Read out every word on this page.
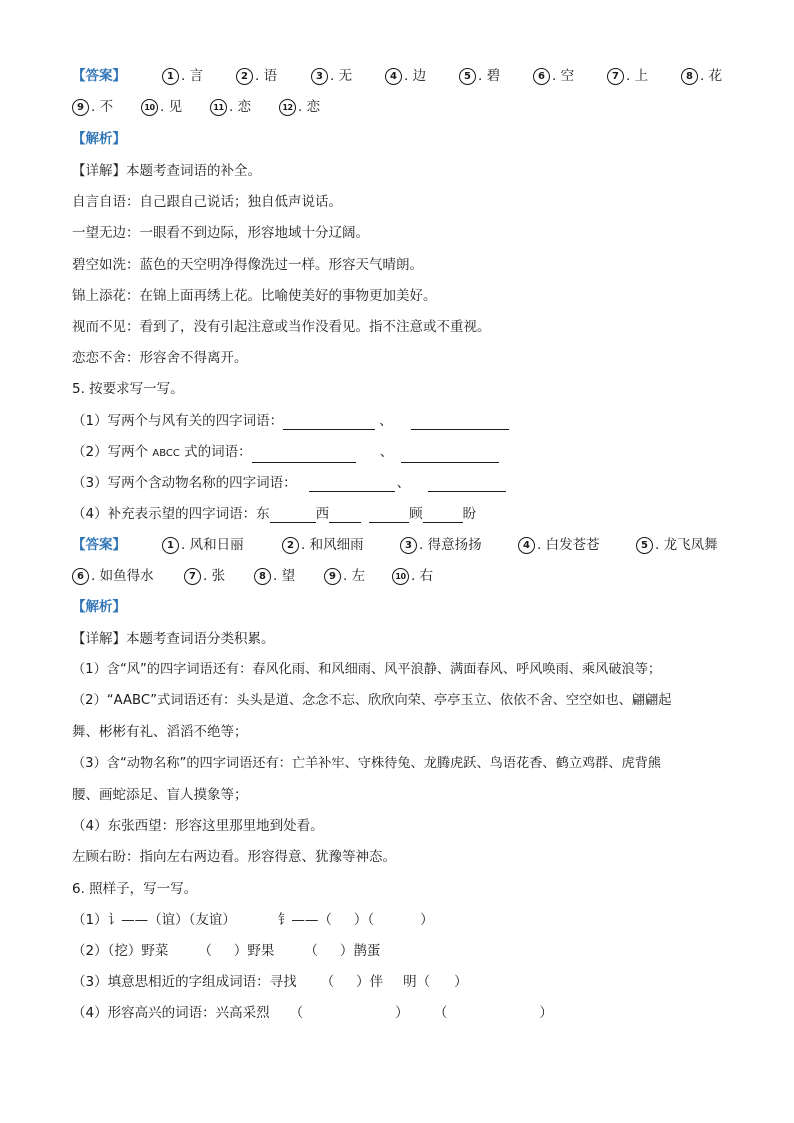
【答案】	1 . 言	2 . 语	3 . 无	4 . 边	5 . 碧	6 . 空	7 . 上	8 . 花
9 . 不	10 . 见	11 . 恋	12 . 恋
【解析】
【详解】本题考查词语的补全。
自言自语：自己跟自己说话；独自低声说话。
一望无边：一眼看不到边际，形容地域十分辽阔。
碧空如洗：蓝色的天空明净得像洗过一样。形容天气晴朗。
锦上添花：在锦上面再绣上花。比喻使美好的事物更加美好。
视而不见：看到了，没有引起注意或当作没看见。指不注意或不重视。
恋恋不舍：形容舍不得离开。
5. 按要求写一写。
（1）写两个与风有关的四字词语：	、
（2）写两个 ABCC 式的词语：	、
（3）写两个含动物名称的四字词语：	、
（4）补充表示望的四字词语：东	西	顾	盼
【答案】	1 . 风和日丽	2 . 和风细雨	3 . 得意扬扬	4 . 白发苍苍	5 . 龙飞凤舞
6 . 如鱼得水	7 . 张	8 . 望	9 . 左	10 . 右
【解析】
【详解】本题考查词语分类积累。
（1）含“风”的四字词语还有：春风化雨、和风细雨、风平浪静、满面春风、呼风唤雨、乘风破浪等；
（2）“AABC”式词语还有：头头是道、念念不忘、欣欣向荣、亭亭玉立、依依不舍、空空如也、翩翩起
舞、彬彬有礼、滔滔不绝等；
（3）含“动物名称”的四字词语还有：亡羊补牢、守株待兔、龙腾虎跃、鸟语花香、鹤立鸡群、虎背熊
腰、画蛇添足、盲人摸象等；
（4）东张西望：形容这里那里地到处看。
左顾右盼：指向左右两边看。形容得意、犹豫等神态。
6. 照样子，写一写。
（1）讠——（谊）（友谊）	钅——（ ）（	）
（2）（挖）野菜 （ ）野果 （ ）鹊蛋
（3）填意思相近的字组成词语：寻找 （ ）伴 明（ ）
（4）形容高兴的词语：兴高采烈 （	） （	）
